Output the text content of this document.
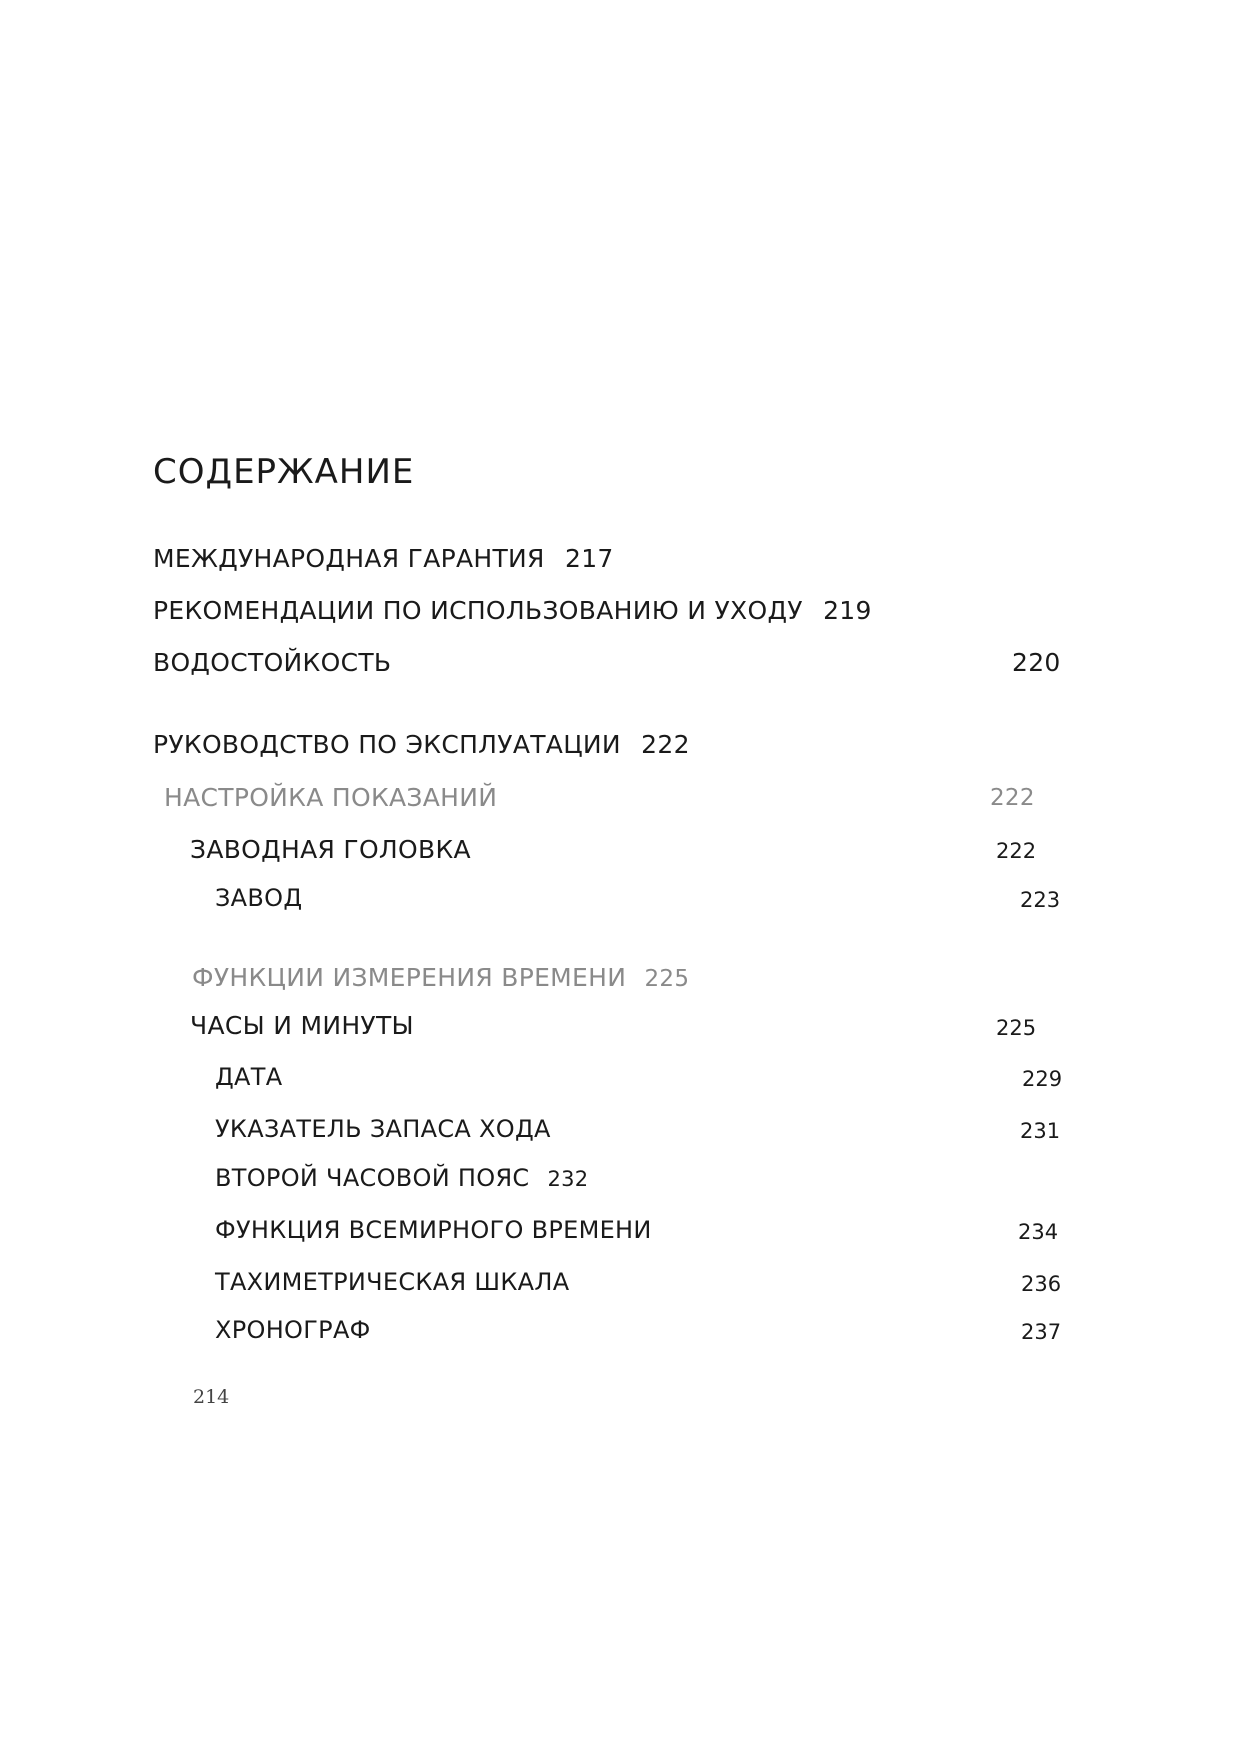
СОДЕРЖАНИЕ
МЕЖДУНАРОДНАЯ ГАРАНТИЯ 217
РЕКОМЕНДАЦИИ ПО ИСПОЛЬЗОВАНИЮ И УХОДУ 219
ВОДОСТОЙКОСТЬ	220
РУКОВОДСТВО ПО ЭКСПЛУАТАЦИИ 222
НАСТРОЙКА ПОКАЗАНИЙ	222
ЗАВОДНАЯ ГОЛОВКА	222
ЗАВОД	223
ФУНКЦИИ ИЗМЕРЕНИЯ ВРЕМЕНИ 225
ЧАСЫ И МИНУТЫ	225
ДАТА	229
УКАЗАТЕЛЬ ЗАПАСА ХОДА	231
ВТОРОЙ ЧАСОВОЙ ПОЯС 232
ФУНКЦИЯ ВСЕМИРНОГО ВРЕМЕНИ	234
ТАХИМЕТРИЧЕСКАЯ ШКАЛА	236
ХРОНОГРАФ	237
214
